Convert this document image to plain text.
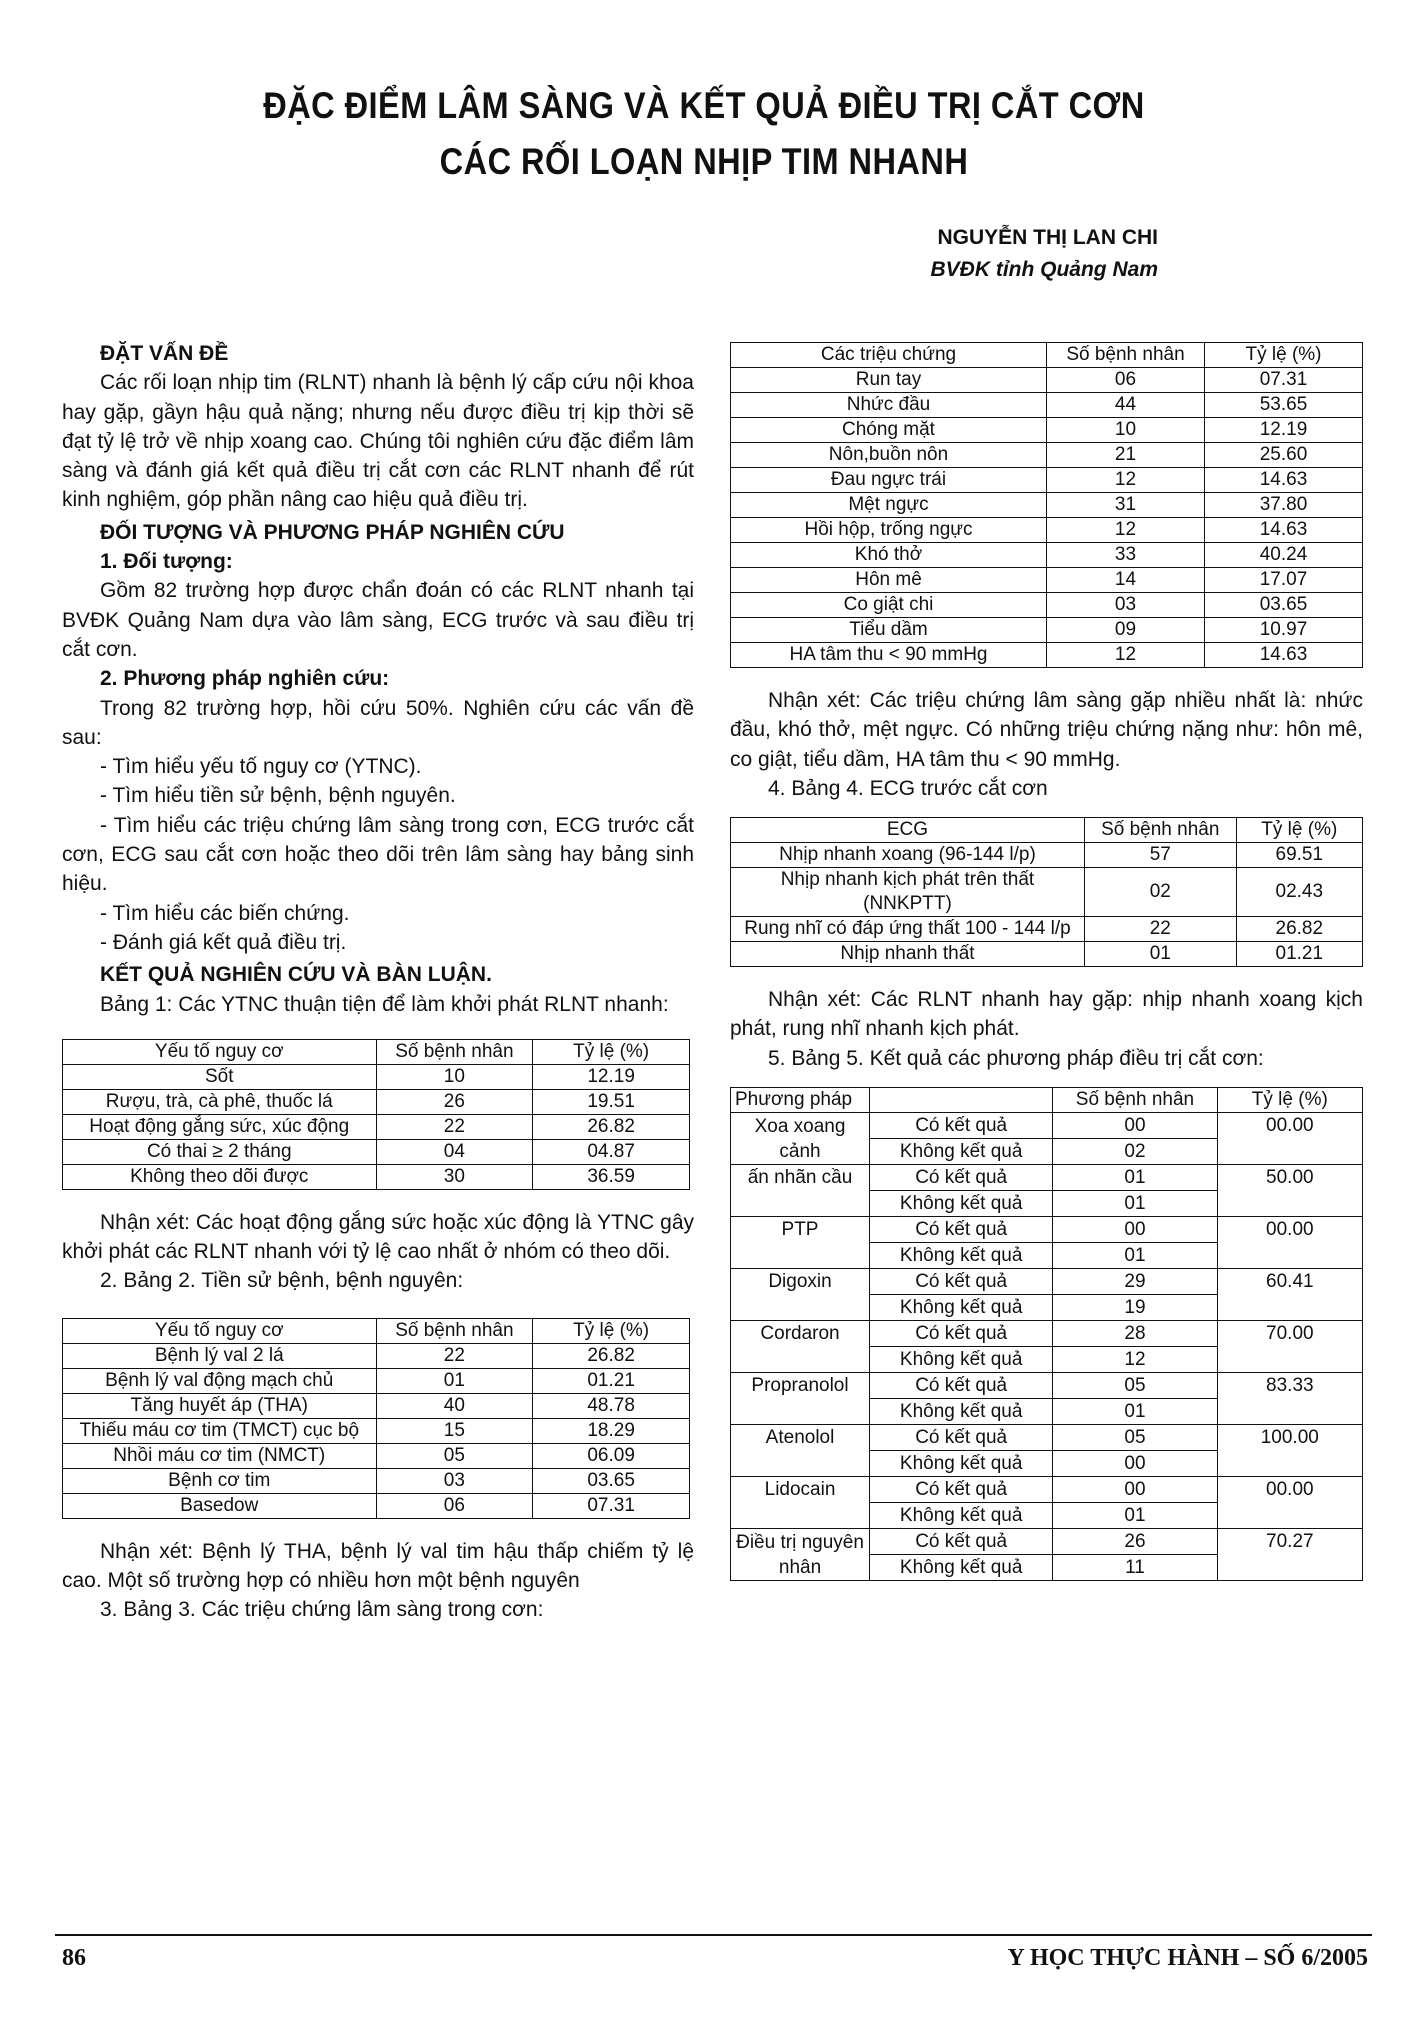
ĐẶC ĐIỂM LÂM SÀNG VÀ KẾT QUẢ ĐIỀU TRỊ CẮT CƠN
CÁC RỐI LOẠN NHỊP TIM NHANH
NGUYỄN THỊ LAN CHI
BVĐK tỉnh Quảng Nam

ĐẶT VẤN ĐỀ

Các rối loạn nhịp tim (RLNT) nhanh là bệnh lý cấp cứu nội khoa hay gặp, gầyn hậu quả nặng; nhưng nếu được điều trị kịp thời sẽ đạt tỷ lệ trở về nhịp xoang cao. Chúng tôi nghiên cứu đặc điểm lâm sàng và đánh giá kết quả điều trị cắt cơn các RLNT nhanh để rút kinh nghiệm, góp phần nâng cao hiệu quả điều trị.

ĐỐI TƯỢNG VÀ PHƯƠNG PHÁP NGHIÊN CỨU

1. Đối tượng:

Gồm 82 trường hợp được chẩn đoán có các RLNT nhanh tại BVĐK Quảng Nam dựa vào lâm sàng, ECG trước và sau điều trị cắt cơn.

2. Phương pháp nghiên cứu:

Trong 82 trường hợp, hồi cứu 50%. Nghiên cứu các vấn đề sau:

- Tìm hiểu yếu tố nguy cơ (YTNC).

- Tìm hiểu tiền sử bệnh, bệnh nguyên.

- Tìm hiểu các triệu chứng lâm sàng trong cơn, ECG trước cắt cơn, ECG sau cắt cơn hoặc theo dõi trên lâm sàng hay bảng sinh hiệu.

- Tìm hiểu các biến chứng.

- Đánh giá kết quả điều trị.

KẾT QUẢ NGHIÊN CỨU VÀ BÀN LUẬN.

Bảng 1: Các YTNC thuận tiện để làm khởi phát RLNT nhanh:

Yếu tố nguy cơ	Số bệnh nhân	Tỷ lệ (%)
Sốt	10	12.19
Rượu, trà, cà phê, thuốc lá	26	19.51
Hoạt động gắng sức, xúc động	22	26.82
Có thai ≥ 2 tháng	04	04.87
Không theo dõi được	30	36.59

Nhận xét: Các hoạt động gắng sức hoặc xúc động là YTNC gây khởi phát các RLNT nhanh với tỷ lệ cao nhất ở nhóm có theo dõi.

2. Bảng 2. Tiền sử bệnh, bệnh nguyên:

Yếu tố nguy cơ	Số bệnh nhân	Tỷ lệ (%)
Bệnh lý val 2 lá	22	26.82
Bệnh lý val động mạch chủ	01	01.21
Tăng huyết áp (THA)	40	48.78
Thiếu máu cơ tim (TMCT) cục bộ	15	18.29
Nhồi máu cơ tim (NMCT)	05	06.09
Bệnh cơ tim	03	03.65
Basedow	06	07.31

Nhận xét: Bệnh lý THA, bệnh lý val tim hậu thấp chiếm tỷ lệ cao. Một số trường hợp có nhiều hơn một bệnh nguyên

3. Bảng 3. Các triệu chứng lâm sàng trong cơn:

Các triệu chứng	Số bệnh nhân	Tỷ lệ (%)
Run tay	06	07.31
Nhức đầu	44	53.65
Chóng mặt	10	12.19
Nôn,buồn nôn	21	25.60
Đau ngực trái	12	14.63
Mệt ngực	31	37.80
Hồi hộp, trống ngực	12	14.63
Khó thở	33	40.24
Hôn mê	14	17.07
Co giật chi	03	03.65
Tiểu dầm	09	10.97
HA tâm thu < 90 mmHg	12	14.63

Nhận xét: Các triệu chứng lâm sàng gặp nhiều nhất là: nhức đầu, khó thở, mệt ngực. Có những triệu chứng nặng như: hôn mê, co giật, tiểu dầm, HA tâm thu < 90 mmHg.

4. Bảng 4. ECG trước cắt cơn

ECG	Số bệnh nhân	Tỷ lệ (%)
Nhịp nhanh xoang (96-144 l/p)	57	69.51
Nhịp nhanh kịch phát trên thất (NNKPTT)	02	02.43
Rung nhĩ có đáp ứng thất 100 - 144 l/p	22	26.82
Nhịp nhanh thất	01	01.21

Nhận xét: Các RLNT nhanh hay gặp: nhịp nhanh xoang kịch phát, rung nhĩ nhanh kịch phát.

5. Bảng 5. Kết quả các phương pháp điều trị cắt cơn:

Phương pháp		Số bệnh nhân	Tỷ lệ (%)
Xoa xoang cảnh	Có kết quả	00	00.00
	Không kết quả	02	
ấn nhãn cầu	Có kết quả	01	50.00
	Không kết quả	01	
PTP	Có kết quả	00	00.00
	Không kết quả	01	
Digoxin	Có kết quả	29	60.41
	Không kết quả	19	
Cordaron	Có kết quả	28	70.00
	Không kết quả	12	
Propranolol	Có kết quả	05	83.33
	Không kết quả	01	
Atenolol	Có kết quả	05	100.00
	Không kết quả	00	
Lidocain	Có kết quả	00	00.00
	Không kết quả	01	
Điều trị nguyên nhân	Có kết quả	26	70.27
	Không kết quả	11	
86	Y HỌC THỰC HÀNH – SỐ 6/2005
